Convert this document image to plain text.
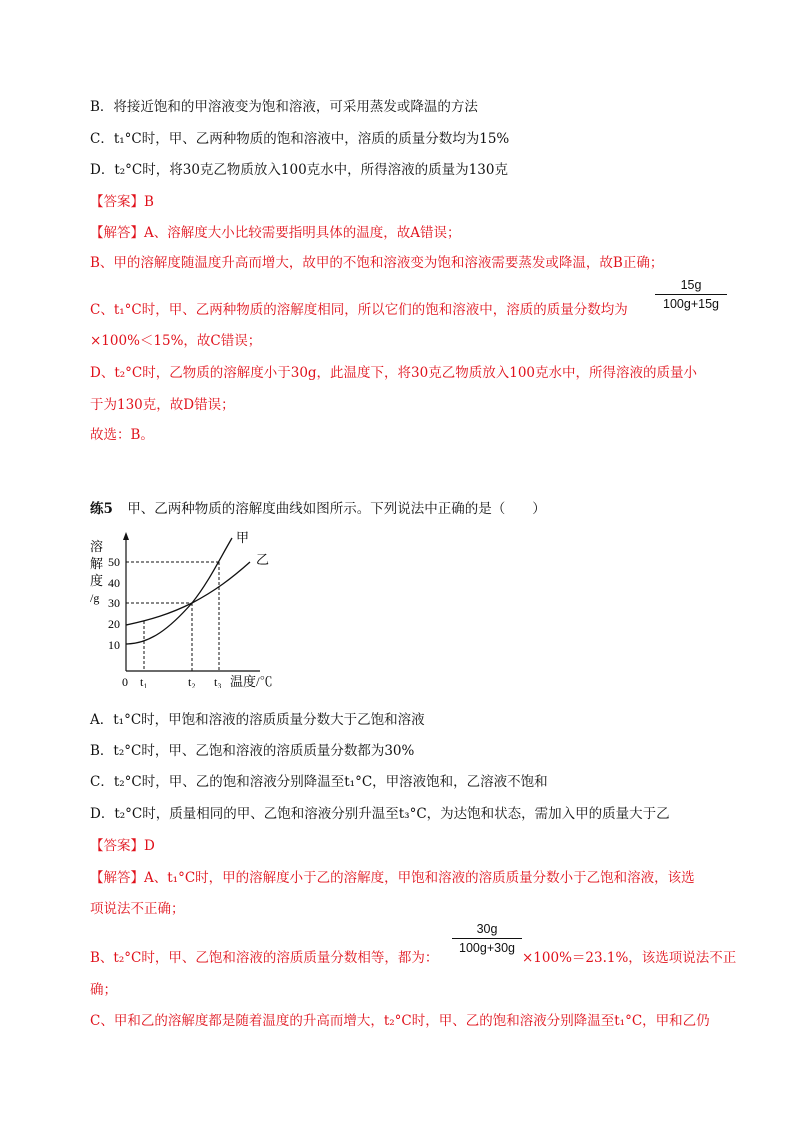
B．将接近饱和的甲溶液变为饱和溶液，可采用蒸发或降温的方法
C．t₁°C时，甲、乙两种物质的饱和溶液中，溶质的质量分数均为15%
D．t₂°C时，将30克乙物质放入100克水中，所得溶液的质量为130克
【答案】B
【解答】A、溶解度大小比较需要指明具体的温度，故A错误；
B、甲的溶解度随温度升高而增大，故甲的不饱和溶液变为饱和溶液需要蒸发或降温，故B正确；
C、t₁°C时，甲、乙两种物质的溶解度相同，所以它们的饱和溶液中，溶质的质量分数均为
15g
100g+15g
×100%＜15%，故C错误；
D、t₂°C时，乙物质的溶解度小于30g，此温度下，将30克乙物质放入100克水中，所得溶液的质量小
于为130克，故D错误；
故选：B。
练5 甲、乙两种物质的溶解度曲线如图所示。下列说法中正确的是（　　）
50
40
30
20
10
溶
解
度
/g
0 t₁	t₂ t₃ 温度/℃
甲
乙
A．t₁°C时，甲饱和溶液的溶质质量分数大于乙饱和溶液
B．t₂°C时，甲、乙饱和溶液的溶质质量分数都为30%
C．t₂°C时，甲、乙的饱和溶液分别降温至t₁°C，甲溶液饱和，乙溶液不饱和
D．t₂°C时，质量相同的甲、乙饱和溶液分别升温至t₃°C，为达饱和状态，需加入甲的质量大于乙
【答案】D
【解答】A、t₁°C时，甲的溶解度小于乙的溶解度，甲饱和溶液的溶质质量分数小于乙饱和溶液，该选
项说法不正确；
B、t₂°C时，甲、乙饱和溶液的溶质质量分数相等，都为：
30g
100g+30g
×100%＝23.1%，该选项说法不正
确；
C、甲和乙的溶解度都是随着温度的升高而增大，t₂°C时，甲、乙的饱和溶液分别降温至t₁°C，甲和乙仍
